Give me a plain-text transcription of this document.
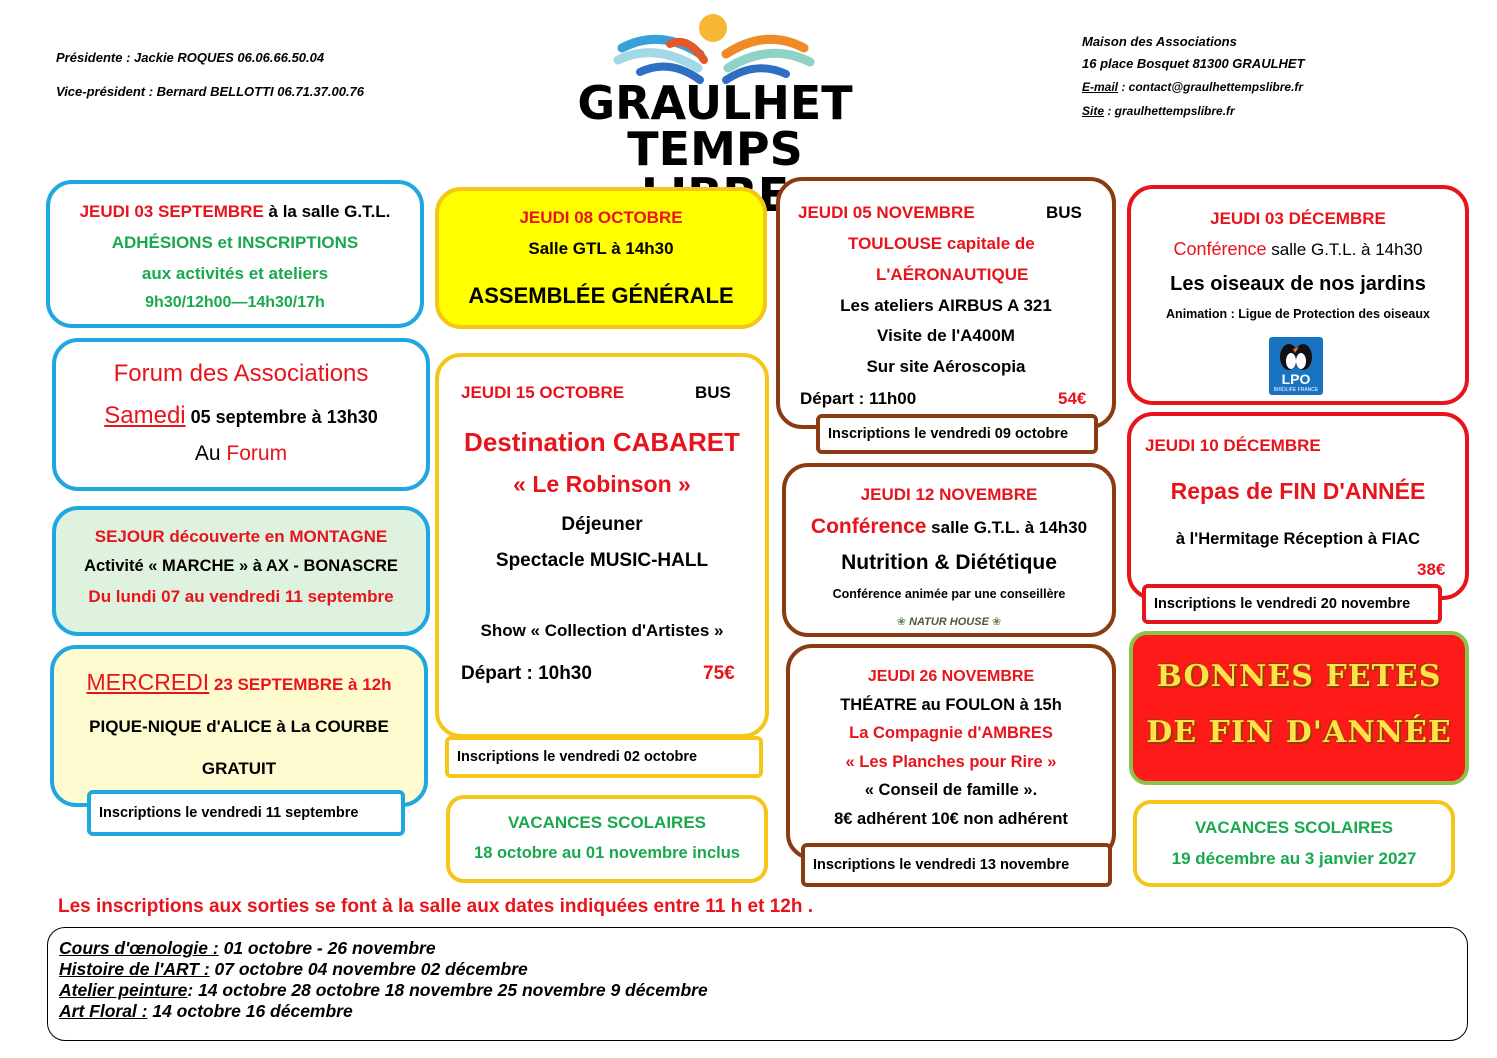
Présidente : Jackie ROQUES 06.06.66.50.04
Vice-président : Bernard BELLOTTI 06.71.37.00.76	GRAULHET
TEMPS
Maison des Associations
16 place Bosquet 81300 GRAULHET
E-mail : contact@graulhettempslibre.fr
Site : graulhettempslibre.fr
JEUDI 03 SEPTEMBRE à la salle G.T.L.
ADHÉSIONS et INSCRIPTIONS
aux activités et ateliers
9h30/12h00—14h30/17h
Forum des Associations
Samedi 05 septembre à 13h30
Au Forum
SEJOUR découverte en MONTAGNE
Activité « MARCHE » à AX - BONASCRE
Du lundi 07 au vendredi 11 septembre
MERCREDI 23 SEPTEMBRE à 12h
PIQUE-NIQUE d'ALICE à La COURBE
GRATUIT
Inscriptions le vendredi 11 septembre
JEUDI 08 OCTOBRE
Salle GTL à 14h30
ASSEMBLÉE GÉNÉRALE
JEUDI 15 OCTOBRE	BUS
Destination CABARET
« Le Robinson »
Déjeuner
Spectacle MUSIC-HALL
Show « Collection d'Artistes »
Départ : 10h30	75€
Inscriptions le vendredi 02 octobre
VACANCES SCOLAIRES
18 octobre au 01 novembre inclus
JEUDI 05 NOVEMBRE	BUS
TOULOUSE capitale de
L'AÉRONAUTIQUE
Les ateliers AIRBUS A 321
Visite de l'A400M
Sur site Aéroscopia
Départ : 11h00	54€
Inscriptions le vendredi 09 octobre
JEUDI 12 NOVEMBRE
Conférence salle G.T.L. à 14h30
Nutrition & Diététique
Conférence animée par une conseillère
❀ NATUR HOUSE ❀
JEUDI 26 NOVEMBRE
THÉATRE au FOULON à 15h
La Compagnie d'AMBRES
« Les Planches pour Rire »
« Conseil de famille ».
8€ adhérent 10€ non adhérent
Inscriptions le vendredi 13 novembre
JEUDI 03 DÉCEMBRE
Conférence salle G.T.L. à 14h30
Les oiseaux de nos jardins
Animation : Ligue de Protection des oiseaux
LPO
BIRDLIFE FRANCE
JEUDI 10 DÉCEMBRE
Repas de FIN D'ANNÉE
à l'Hermitage Réception à FIAC
38€
Inscriptions le vendredi 20 novembre
BONNES FETES
DE FIN D'ANNÉE
VACANCES SCOLAIRES
19 décembre au 3 janvier 2027
Les inscriptions aux sorties se font à la salle aux dates indiquées entre 11 h et 12h .
Cours d'œnologie : 01 octobre - 26 novembre
Histoire de l'ART : 07 octobre 04 novembre 02 décembre
Atelier peinture: 14 octobre 28 octobre 18 novembre 25 novembre 9 décembre
Art Floral : 14 octobre 16 décembre
